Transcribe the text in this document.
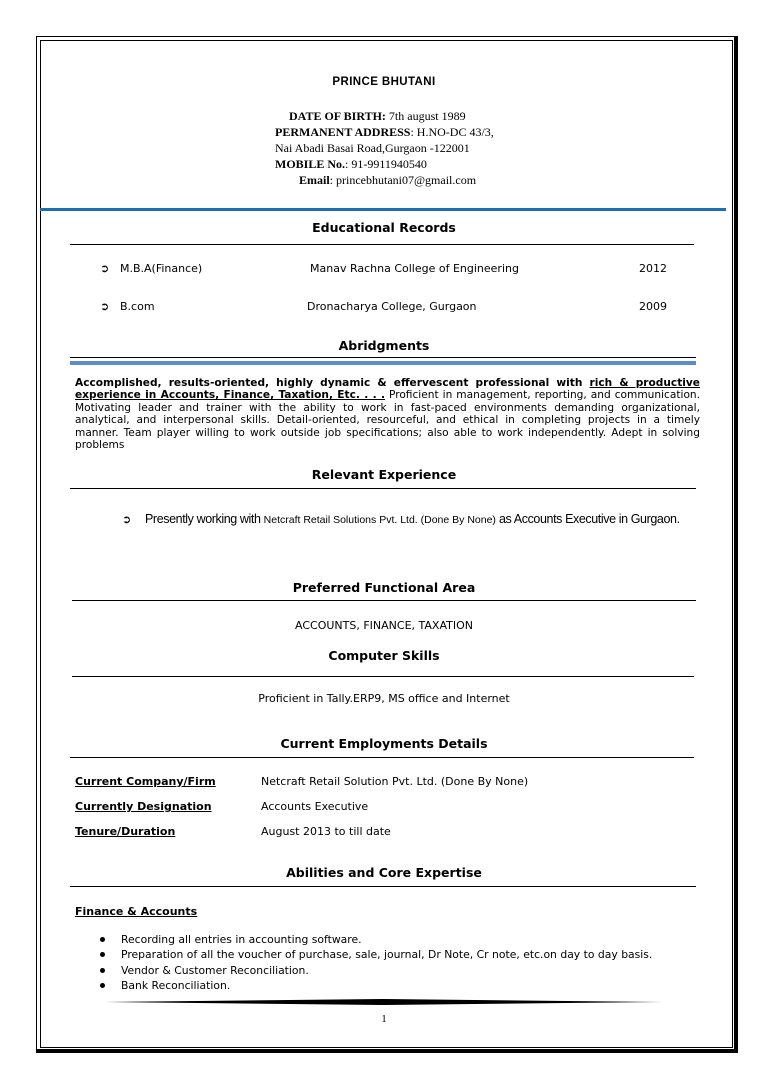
PRINCE BHUTANI
DATE OF BIRTH: 7th august 1989
PERMANENT ADDRESS: H.NO-DC 43/3,
Nai Abadi Basai Road,Gurgaon -122001
MOBILE No.: 91-9911940540
Email: princebhutani07@gmail.com
Educational Records
➲ M.B.A(Finance)	Manav Rachna College of Engineering	2012
➲ B.com	Dronacharya College, Gurgaon	2009
Abridgments
Accomplished, results-oriented, highly dynamic & effervescent professional with rich & productive experience in Accounts, Finance, Taxation, Etc. . . . Proficient in management, reporting, and communication. Motivating leader and trainer with the ability to work in fast-paced environments demanding organizational, analytical, and interpersonal skills. Detail-oriented, resourceful, and ethical in completing projects in a timely manner. Team player willing to work outside job specifications; also able to work independently. Adept in solving problems
Relevant Experience
➲ Presently working with Netcraft Retail Solutions Pvt. Ltd. (Done By None) as Accounts Executive in Gurgaon.
Preferred Functional Area
ACCOUNTS, FINANCE, TAXATION
Computer Skills
Proficient in Tally.ERP9, MS office and Internet
Current Employments Details
Current Company/Firm	Netcraft Retail Solution Pvt. Ltd. (Done By None)
Currently Designation	Accounts Executive
Tenure/Duration	August 2013 to till date
Abilities and Core Expertise
Finance & Accounts
Recording all entries in accounting software.
Preparation of all the voucher of purchase, sale, journal, Dr Note, Cr note, etc.on day to day basis.
Vendor & Customer Reconciliation.
Bank Reconciliation.
1
